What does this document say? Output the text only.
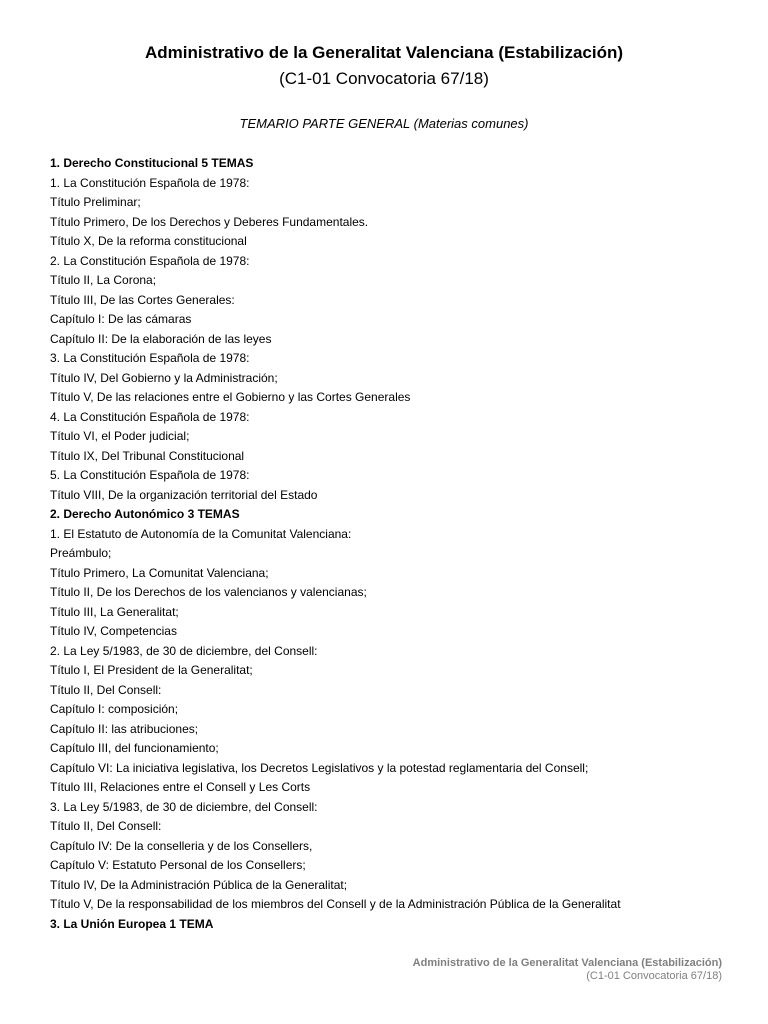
Administrativo de la Generalitat Valenciana (Estabilización)
(C1-01 Convocatoria 67/18)
TEMARIO PARTE GENERAL (Materias comunes)
1. Derecho Constitucional 5 TEMAS
1. La Constitución Española de 1978:
Título Preliminar;
Título Primero, De los Derechos y Deberes Fundamentales.
Título X, De la reforma constitucional
2. La Constitución Española de 1978:
Título II, La Corona;
Título III, De las Cortes Generales:
Capítulo I: De las cámaras
Capítulo II: De la elaboración de las leyes
3. La Constitución Española de 1978:
Título IV, Del Gobierno y la Administración;
Título V, De las relaciones entre el Gobierno y las Cortes Generales
4. La Constitución Española de 1978:
Título VI, el Poder judicial;
Título IX, Del Tribunal Constitucional
5. La Constitución Española de 1978:
Título VIII, De la organización territorial del Estado
2. Derecho Autonómico 3 TEMAS
1. El Estatuto de Autonomía de la Comunitat Valenciana:
Preámbulo;
Título Primero, La Comunitat Valenciana;
Título II, De los Derechos de los valencianos y valencianas;
Título III, La Generalitat;
Título IV, Competencias
2. La Ley 5/1983, de 30 de diciembre, del Consell:
Título I, El President de la Generalitat;
Título II, Del Consell:
Capítulo I: composición;
Capítulo II: las atribuciones;
Capítulo III, del funcionamiento;
Capítulo VI: La iniciativa legislativa, los Decretos Legislativos y la potestad reglamentaria del Consell;
Título III, Relaciones entre el Consell y Les Corts
3. La Ley 5/1983, de 30 de diciembre, del Consell:
Título II, Del Consell:
Capítulo IV: De la conselleria y de los Consellers,
Capítulo V: Estatuto Personal de los Consellers;
Título IV, De la Administración Pública de la Generalitat;
Título V, De la responsabilidad de los miembros del Consell y de la Administración Pública de la Generalitat
3. La Unión Europea 1 TEMA
Administrativo de la Generalitat Valenciana (Estabilización)
(C1-01 Convocatoria 67/18)
